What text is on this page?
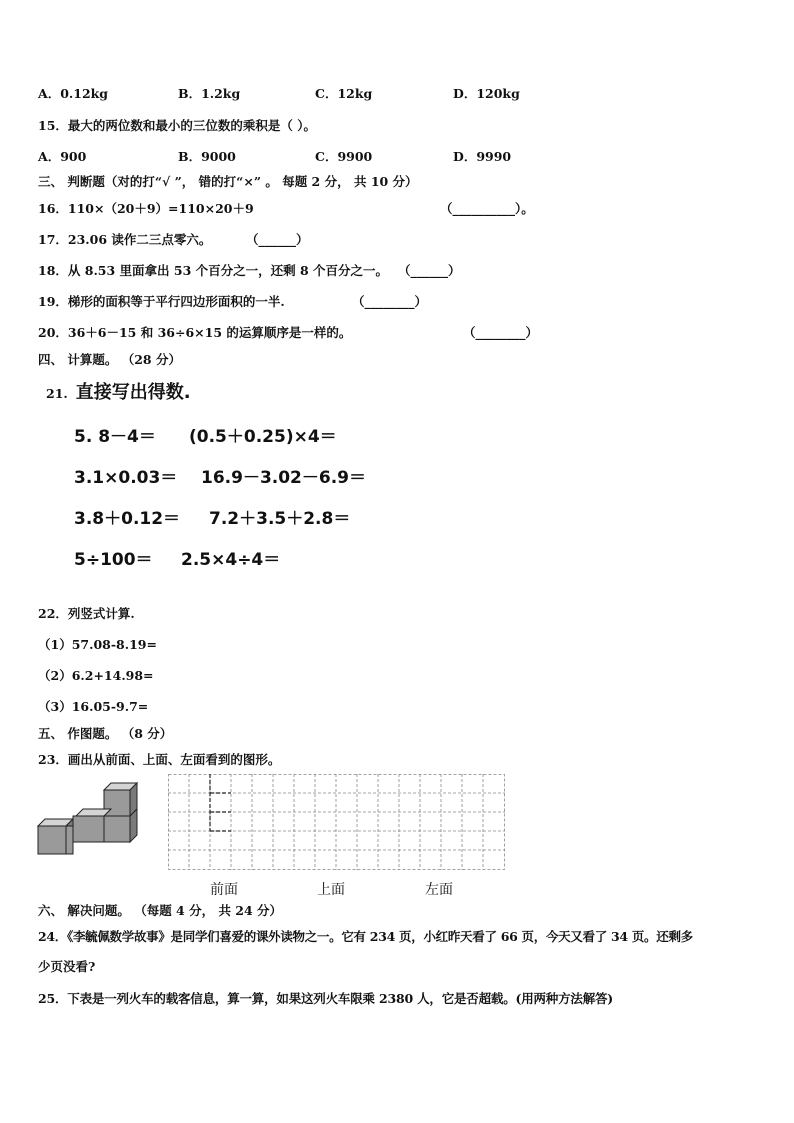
A．0.12kg	B．1.2kg	C．12kg	D．120kg
15．最大的两位数和最小的三位数的乘积是（ ）。
A．900	B．9000	C．9900	D．9990
三、 判断题（对的打“√ ”， 错的打“×” 。 每题 2 分， 共 10 分）
16．110×（20＋9）=110×20＋9	（__________）。
17．23.06 读作二三点零六。	（______）
18．从 8.53 里面拿出 53 个百分之一，还剩 8 个百分之一。 （______）
19．梯形的面积等于平行四边形面积的一半.	（________）
20．36＋6－15 和 36÷6×15 的运算顺序是一样的。	（________）
四、 计算题。 （28 分）
21. 直接写出得数.
5. 8－4＝ (0.5＋0.25)×4＝
3.1×0.03＝ 16.9－3.02－6.9＝
3.8＋0.12＝ 7.2＋3.5＋2.8＝
5÷100＝ 2.5×4÷4＝
22．列竖式计算.
（1）57.08-8.19=
（2）6.2+14.98=
（3）16.05-9.7=
五、 作图题。 （8 分）
23．画出从前面、上面、左面看到的图形。
前面	上面	左面
六、 解决问题。 （每题 4 分， 共 24 分）
24．《李毓佩数学故事》是同学们喜爱的课外读物之一。它有 234 页，小红昨天看了 66 页，今天又看了 34 页。还剩多
少页没看?
25．下表是一列火车的载客信息，算一算，如果这列火车限乘 2380 人，它是否超载。(用两种方法解答)
